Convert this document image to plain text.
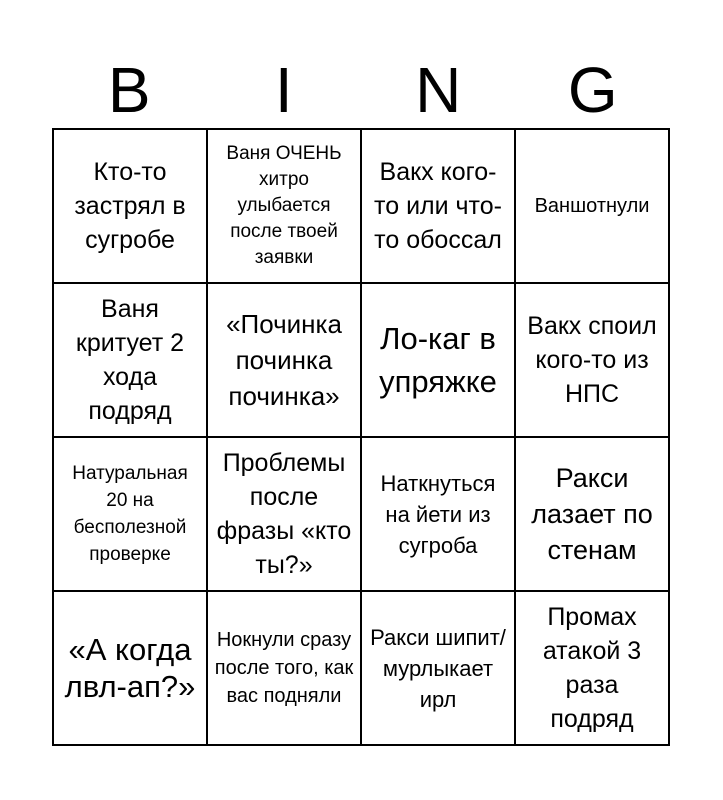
B	I	N	G
Кто-то застрял в сугробе
Ваня ОЧЕНЬ хитро улыбается после твоей заявки
Вакх кого-то или что-то обоссал
Ваншотнули
Ваня критует 2 хода подряд
«Починка починка починка»
Ло-каг в упряжке
Вакх споил кого-то из НПС
Натуральная 20 на бесполезной проверке
Проблемы после фразы «кто ты?»
Наткнуться на йети из сугроба
Ракси лазает по стенам
«А когда лвл-ап?»
Нокнули сразу после того, как вас подняли
Ракси шипит/мурлыкает ирл
Промах атакой 3 раза подряд
